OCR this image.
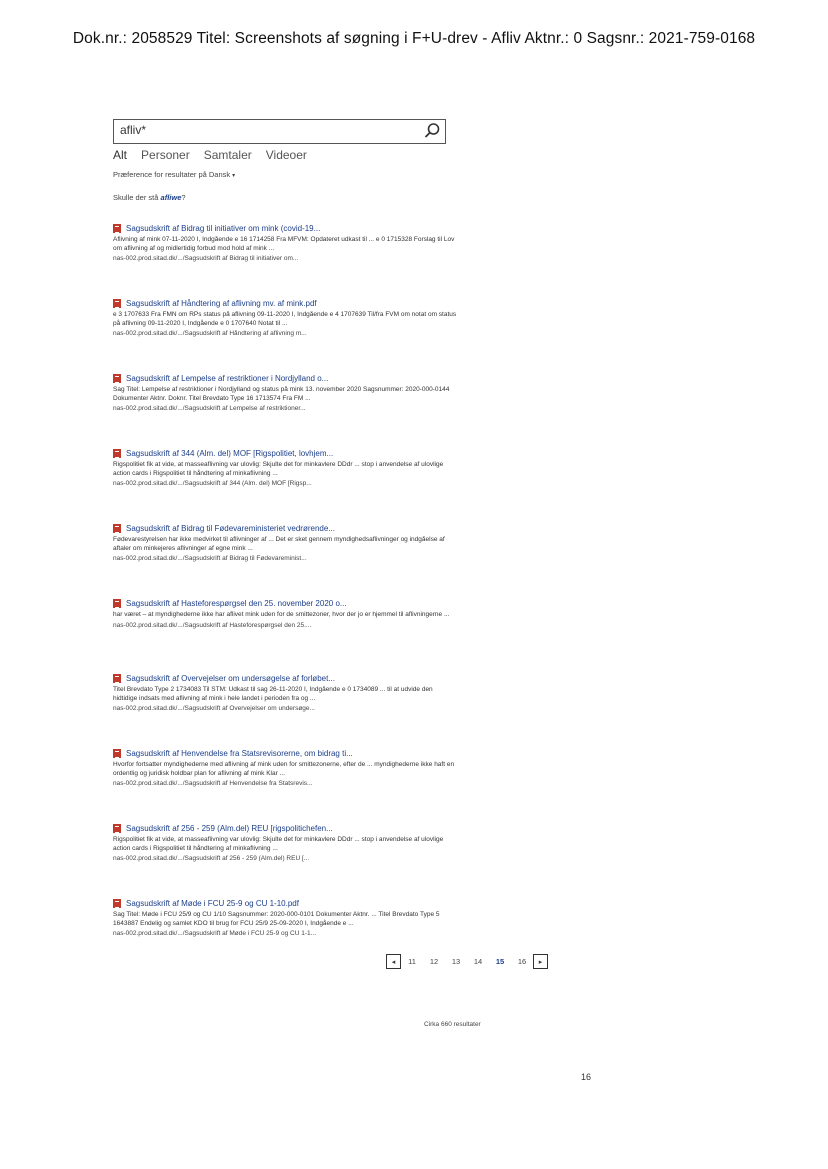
Dok.nr.: 2058529 Titel: Screenshots af søgning i F+U-drev - Afliv Aktnr.: 0 Sagsnr.: 2021-759-0168
afliv*
Alt Personer Samtaler Videoer
Præference for resultater på Dansk ▾
Skulle der stå afliwe?
Sagsudskrift af Bidrag til initiativer om mink (covid-19...
Aflivning af mink 07-11-2020 I, Indgående e 16 1714258 Fra MFVM: Opdateret udkast til ... e 0 1715328 Forslag til Lov om aflivning af og midlertidig forbud mod hold af mink ...
nas-002.prod.sitad.dk/.../Sagsudskrift af Bidrag til initiativer om...
Sagsudskrift af Håndtering af aflivning mv. af mink.pdf
e 3 1707633 Fra FMN om RPs status på aflivning 09-11-2020 I, Indgående e 4 1707639 Til/fra FVM om notat om status på aflivning 09-11-2020 I, Indgående e 0 1707640 Notat til ...
nas-002.prod.sitad.dk/.../Sagsudskrift af Håndtering af aflivning m...
Sagsudskrift af Lempelse af restriktioner i Nordjylland o...
Sag Titel: Lempelse af restriktioner i Nordjylland og status på mink 13. november 2020 Sagsnummer: 2020-000-0144 Dokumenter Aktnr. Doknr. Titel Brevdato Type 16 1713574 Fra FM ...
nas-002.prod.sitad.dk/.../Sagsudskrift af Lempelse af restriktioner...
Sagsudskrift af 344 (Alm. del) MOF [Rigspolitiet, lovhjem...
Rigspolitiet fik at vide, at masseaflivning var ulovlig: Skjulte det for minkavlere DDdr ... stop i anvendelse af ulovlige action cards i Rigspolitiet til håndtering af minkaflivning ...
nas-002.prod.sitad.dk/.../Sagsudskrift af 344 (Alm. del) MOF [Rigsp...
Sagsudskrift af Bidrag til Fødevareministeriet vedrørende...
Fødevarestyrelsen har ikke medvirket til aflivninger af ... Det er sket gennem myndighedsaflivninger og indgåelse af aftaler om minkejeres aflivninger af egne mink ...
nas-002.prod.sitad.dk/.../Sagsudskrift af Bidrag til Fødevareminist...
Sagsudskrift af Hasteforespørgsel den 25. november 2020 o...
har været – at myndighederne ikke har aflivet mink uden for de smittezoner, hvor der jo er hjemmel til aflivningerne ...
nas-002.prod.sitad.dk/.../Sagsudskrift af Hasteforespørgsel den 25....
Sagsudskrift af Overvejelser om undersøgelse af forløbet...
Titel Brevdato Type 2 1734083 Til STM: Udkast til sag 26-11-2020 I, Indgående e 0 1734089 ... til at udvide den hidtidige indsats med aflivning af mink i hele landet i perioden fra og ...
nas-002.prod.sitad.dk/.../Sagsudskrift af Overvejelser om undersøge...
Sagsudskrift af Henvendelse fra Statsrevisorerne, om bidrag ti...
Hvorfor fortsatter myndighederne med aflivning af mink uden for smittezonerne, efter de ... myndighederne ikke haft en ordentlig og juridisk holdbar plan for aflivning af mink Klar ...
nas-002.prod.sitad.dk/.../Sagsudskrift af Henvendelse fra Statsrevis...
Sagsudskrift af 256 - 259 (Alm.del) REU [rigspolitichefen...
Rigspolitiet fik at vide, at masseaflivning var ulovlig: Skjulte det for minkavlere DDdr ... stop i anvendelse af ulovlige action cards i Rigspolitiet til håndtering af minkaflivning ...
nas-002.prod.sitad.dk/.../Sagsudskrift af 256 - 259 (Alm.del) REU [...
Sagsudskrift af Møde i FCU 25-9 og CU 1-10.pdf
Sag Titel: Møde i FCU 25/9 og CU 1/10 Sagsnummer: 2020-000-0101 Dokumenter Aktnr. ... Titel Brevdato Type 5 1643887 Endelig og samlet KDO til brug for FCU 25/9 25-09-2020 I, Indgående e ...
nas-002.prod.sitad.dk/.../Sagsudskrift af Møde i FCU 25-9 og CU 1-1...
◂	11	12	13	14	15	16	▸
Cirka 660 resultater
16
